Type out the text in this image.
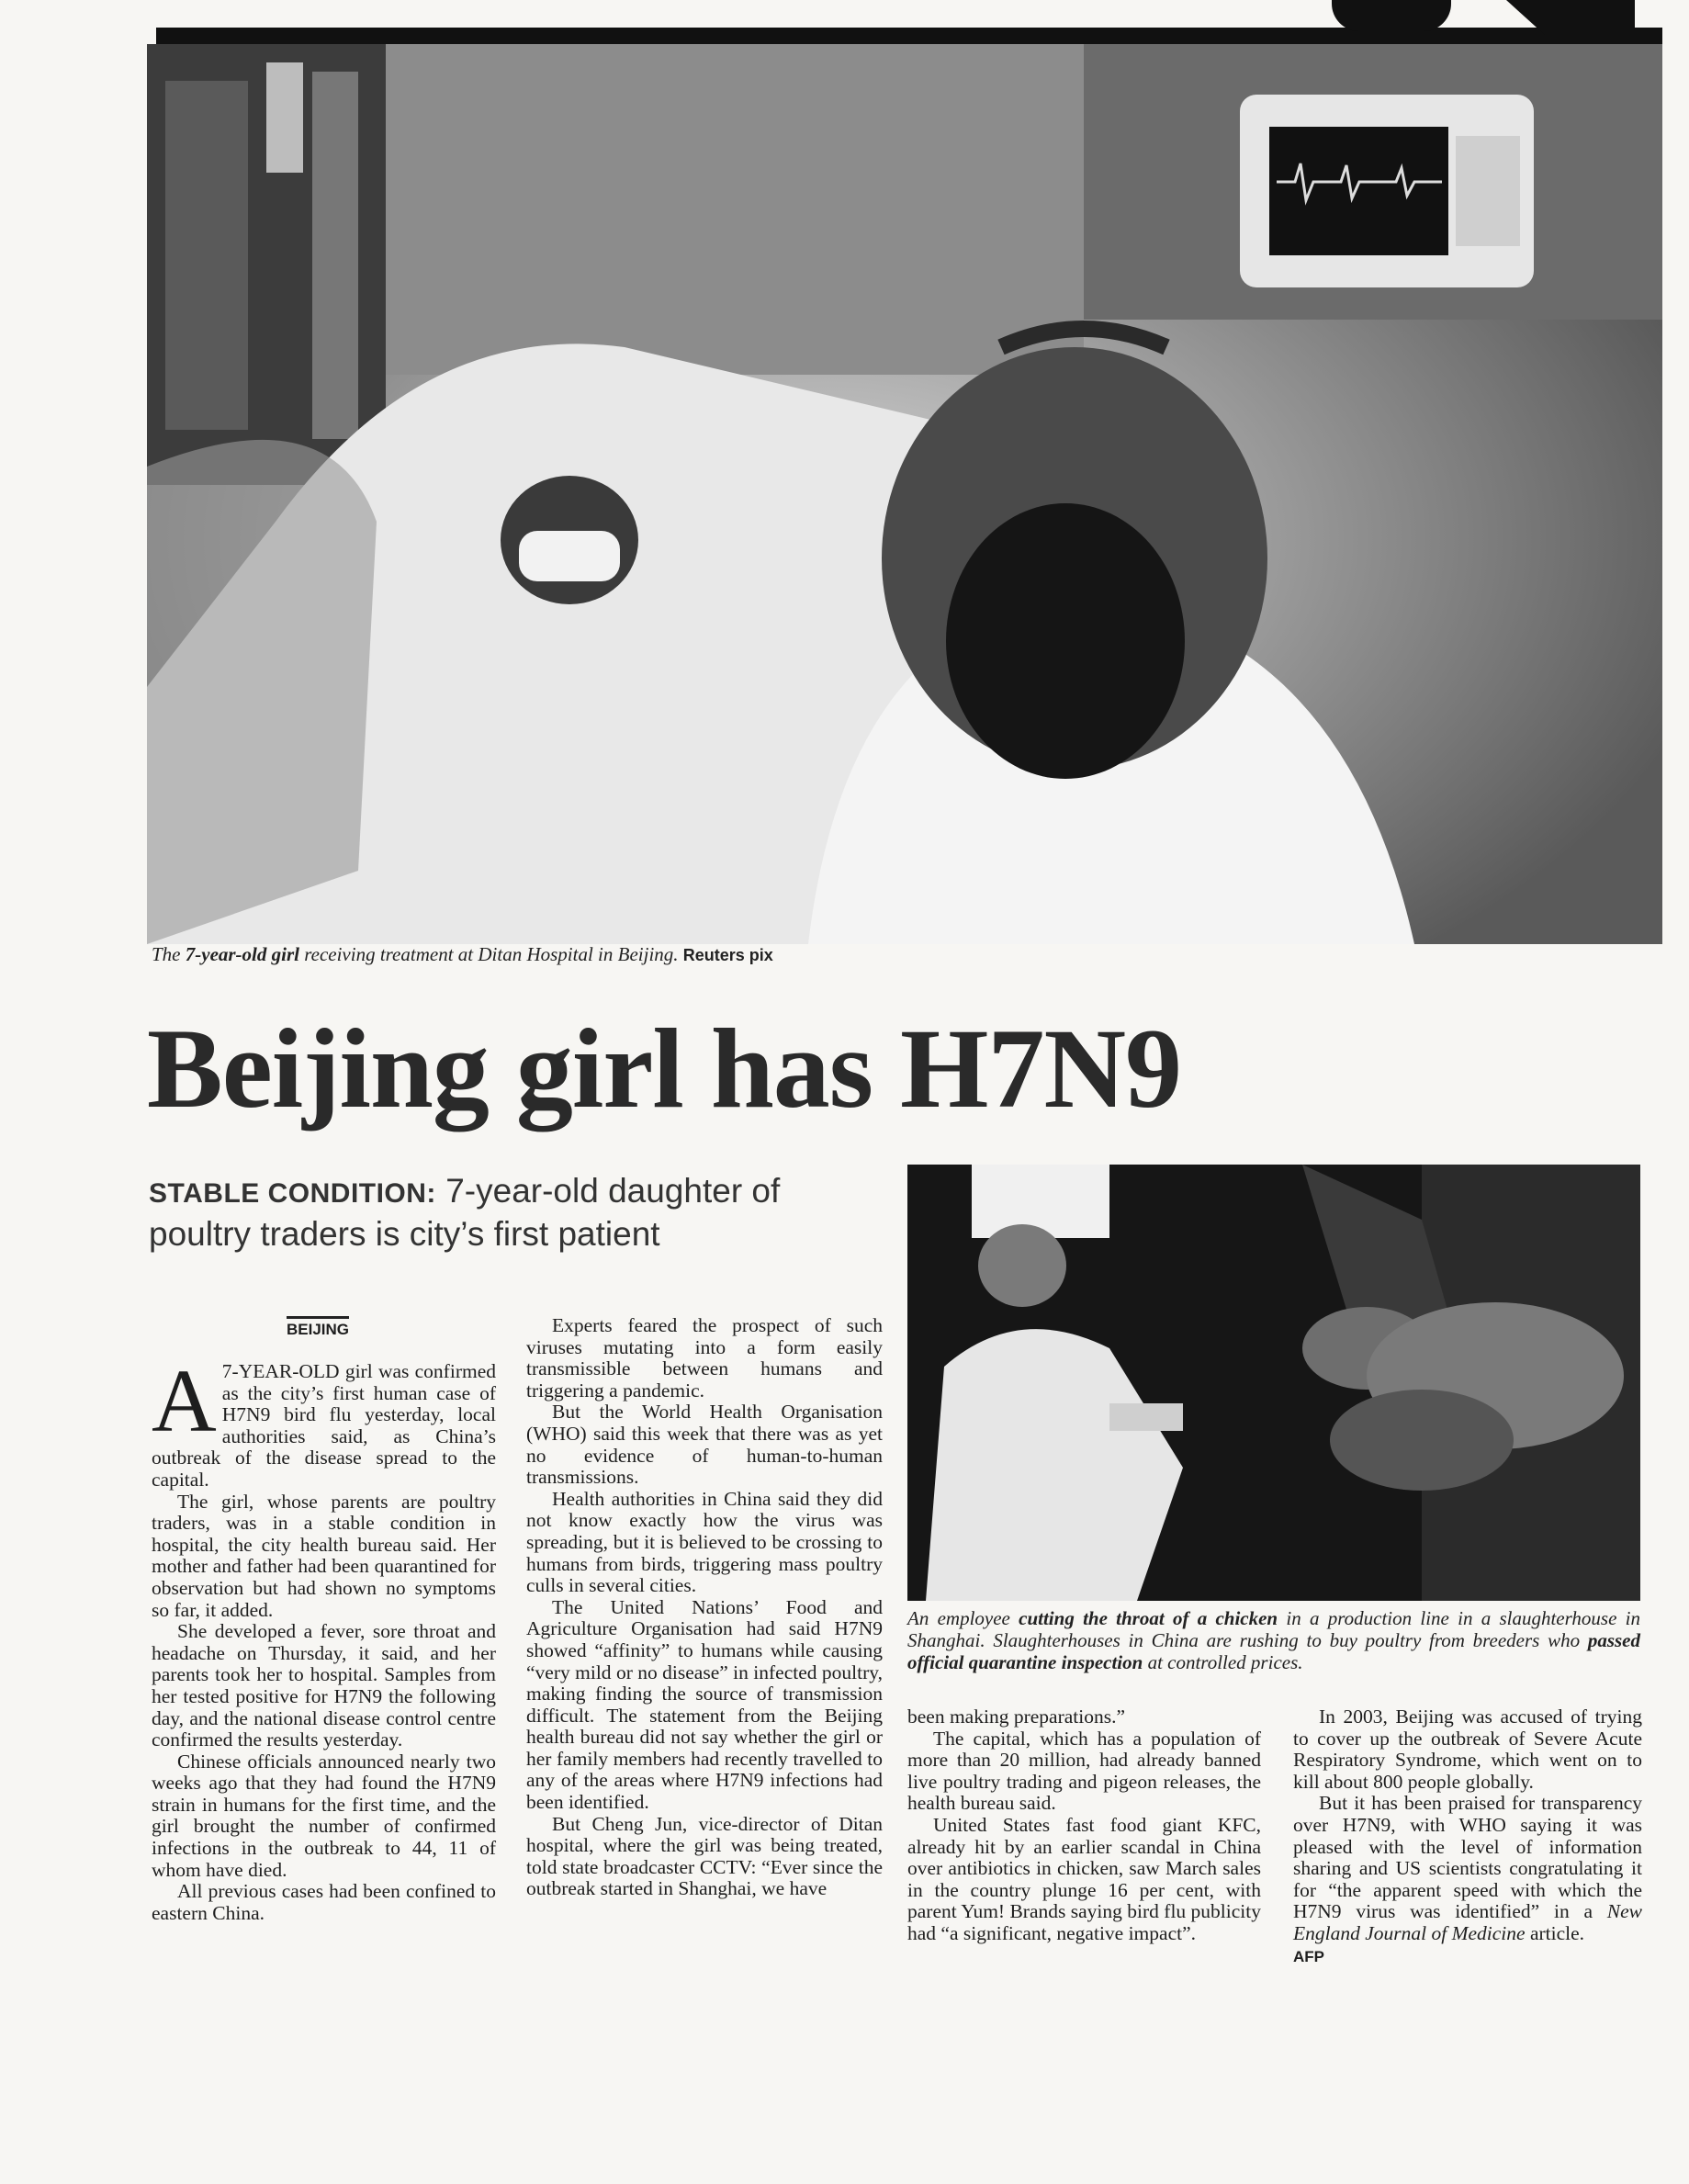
The 7-year-old girl receiving treatment at Ditan Hospital in Beijing. Reuters pix
Beijing girl has H7N9
STABLE CONDITION: 7-year-old daughter of poultry traders is city’s first patient
BEIJING

A 7-YEAR-OLD girl was confirmed as the city’s first human case of H7N9 bird flu yesterday, local authorities said, as China’s outbreak of the disease spread to the capital.

The girl, whose parents are poultry traders, was in a stable condition in hospital, the city health bureau said. Her mother and father had been quarantined for observation but had shown no symptoms so far, it added.

She developed a fever, sore throat and headache on Thursday, it said, and her parents took her to hospital. Samples from her tested positive for H7N9 the following day, and the national disease control centre confirmed the results yesterday.

Chinese officials announced nearly two weeks ago that they had found the H7N9 strain in humans for the first time, and the girl brought the number of confirmed infections in the outbreak to 44, 11 of whom have died.

All previous cases had been confined to eastern China.

Experts feared the prospect of such viruses mutating into a form easily transmissible between humans and triggering a pandemic.

But the World Health Organisation (WHO) said this week that there was as yet no evidence of human-to-human transmissions.

Health authorities in China said they did not know exactly how the virus was spreading, but it is believed to be crossing to humans from birds, triggering mass poultry culls in several cities.

The United Nations’ Food and Agriculture Organisation had said H7N9 showed “affinity” to humans while causing “very mild or no disease” in infected poultry, making finding the source of transmission difficult. The statement from the Beijing health bureau did not say whether the girl or her family members had recently travelled to any of the areas where H7N9 infections had been identified.

But Cheng Jun, vice-director of Ditan hospital, where the girl was being treated, told state broadcaster CCTV: “Ever since the outbreak started in Shanghai, we have

An employee cutting the throat of a chicken in a production line in a slaughterhouse in Shanghai. Slaughterhouses in China are rushing to buy poultry from breeders who passed official quarantine inspection at controlled prices.

been making preparations.”

The capital, which has a population of more than 20 million, had already banned live poultry trading and pigeon releases, the health bureau said.

United States fast food giant KFC, already hit by an earlier scandal in China over antibiotics in chicken, saw March sales in the country plunge 16 per cent, with parent Yum! Brands saying bird flu publicity had “a significant, negative impact”.

In 2003, Beijing was accused of trying to cover up the outbreak of Severe Acute Respiratory Syndrome, which went on to kill about 800 people globally.

But it has been praised for transparency over H7N9, with WHO saying it was pleased with the level of information sharing and US scientists congratulating it for “the apparent speed with which the H7N9 virus was identified” in a New England Journal of Medicine article.

AFP
